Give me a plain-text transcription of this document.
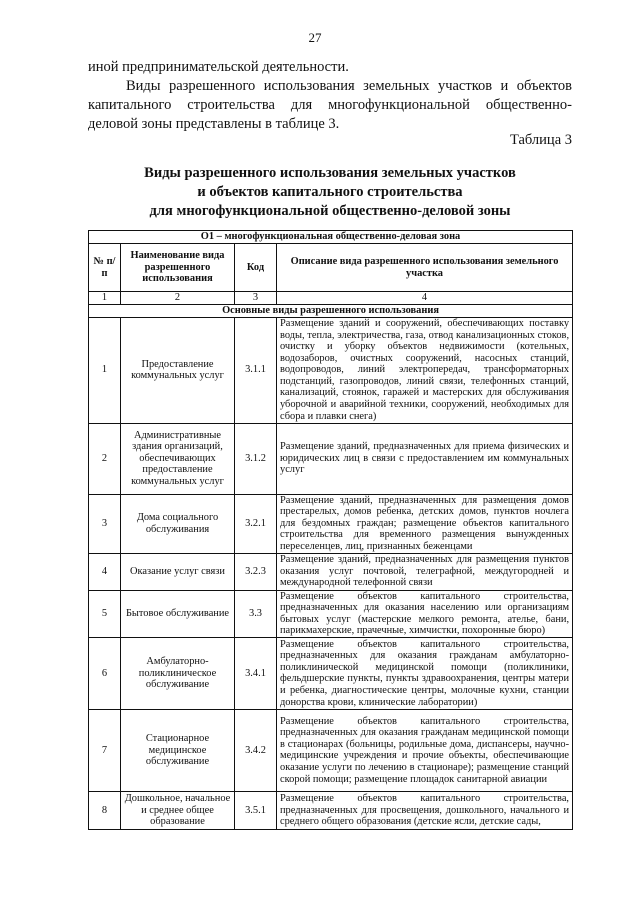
27
иной предпринимательской деятельности.
Виды разрешенного использования земельных участков и объектов капитального строительства для многофункциональной общественно-деловой зоны представлены в таблице 3.
Таблица 3
Виды разрешенного использования земельных участков
и объектов капитального строительства
для многофункциональной общественно-деловой зоны
О1 – многофункциональная общественно-деловая зона			
№ п/п	Наименование вида разрешенного использования	Код	Описание вида разрешенного использования земельного участка
1	2	3	4
Основные виды разрешенного использования			
1	Предоставление коммунальных услуг	3.1.1	Размещение зданий и сооружений, обеспечивающих поставку воды, тепла, электричества, газа, отвод канализационных стоков, очистку и уборку объектов недвижимости (котельных, водозаборов, очистных сооружений, насосных станций, водопроводов, линий электропередач, трансформаторных подстанций, газопроводов, линий связи, телефонных станций, канализаций, стоянок, гаражей и мастерских для обслуживания уборочной и аварийной техники, сооружений, необходимых для сбора и плавки снега)
2	Административные здания организаций, обеспечивающих предоставление коммунальных услуг	3.1.2	Размещение зданий, предназначенных для приема физических и юридических лиц в связи с предоставлением им коммунальных услуг
3	Дома социального обслуживания	3.2.1	Размещение зданий, предназначенных для размещения домов престарелых, домов ребенка, детских домов, пунктов ночлега для бездомных граждан; размещение объектов капитального строительства для временного размещения вынужденных переселенцев, лиц, признанных беженцами
4	Оказание услуг связи	3.2.3	Размещение зданий, предназначенных для размещения пунктов оказания услуг почтовой, телеграфной, междугородней и международной телефонной связи
5	Бытовое обслуживание	3.3	Размещение объектов капитального строительства, предназначенных для оказания населению или организациям бытовых услуг (мастерские мелкого ремонта, ателье, бани, парикмахерские, прачечные, химчистки, похоронные бюро)
6	Амбулаторно-поликлиническое обслуживание	3.4.1	Размещение объектов капитального строительства, предназначенных для оказания гражданам амбулаторно-поликлинической медицинской помощи (поликлиники, фельдшерские пункты, пункты здравоохранения, центры матери и ребенка, диагностические центры, молочные кухни, станции донорства крови, клинические лаборатории)
7	Стационарное медицинское обслуживание	3.4.2	Размещение объектов капитального строительства, предназначенных для оказания гражданам медицинской помощи в стационарах (больницы, родильные дома, диспансеры, научно-медицинские учреждения и прочие объекты, обеспечивающие оказание услуги по лечению в стационаре); размещение станций скорой помощи; размещение площадок санитарной авиации
8	Дошкольное, начальное и среднее общее образование	3.5.1	Размещение объектов капитального строительства, предназначенных для просвещения, дошкольного, начального и среднего общего образования (детские ясли, детские сады,
